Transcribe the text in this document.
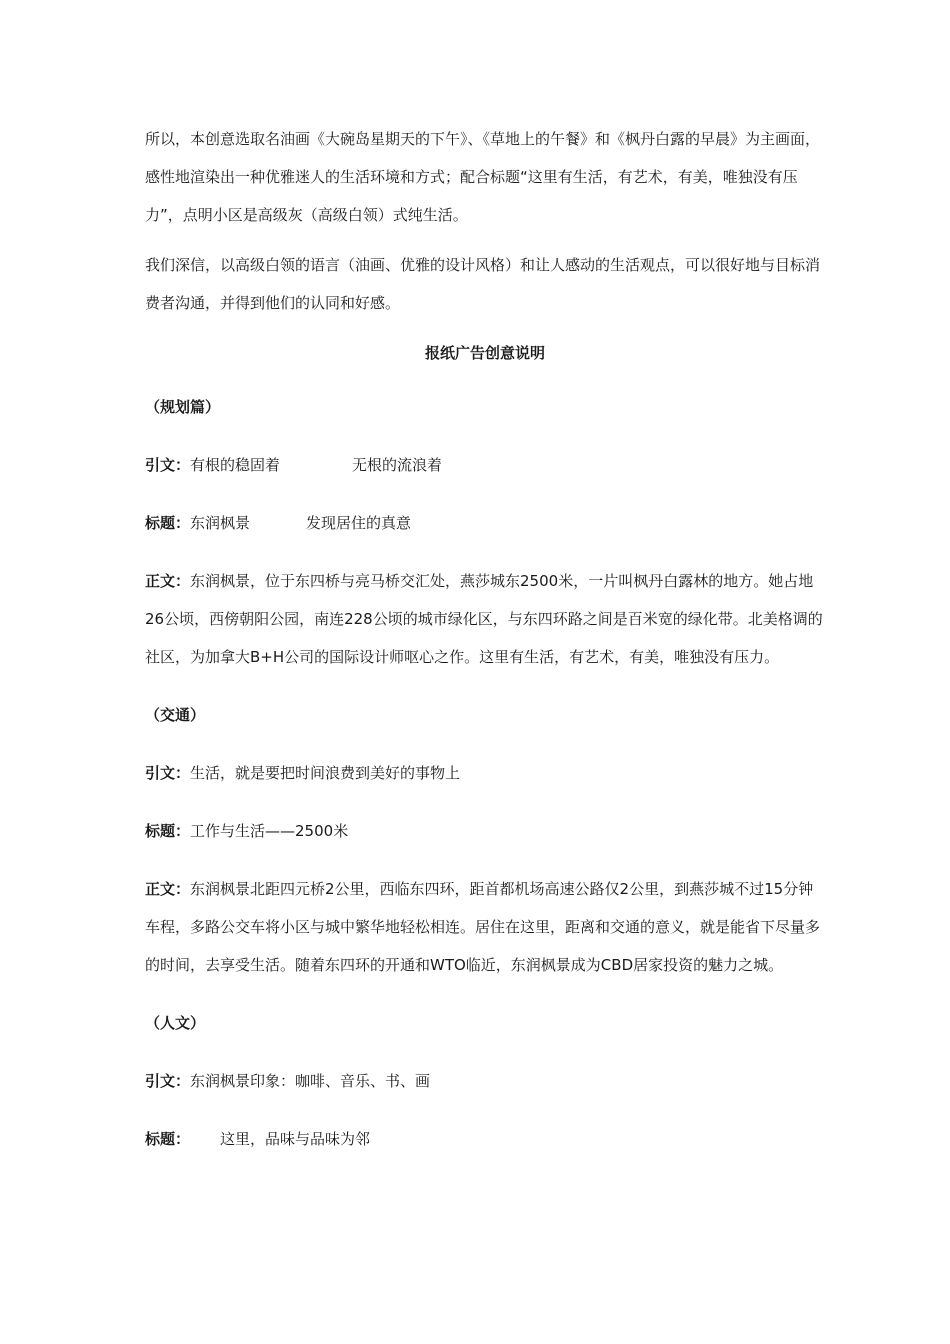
所以，本创意选取名油画《大碗岛星期天的下午》、《草地上的午餐》和《枫丹白露的早晨》为主画面，感性地渲染出一种优雅迷人的生活环境和方式；配合标题“这里有生活，有艺术，有美，唯独没有压力”，点明小区是高级灰（高级白领）式纯生活。

我们深信，以高级白领的语言（油画、优雅的设计风格）和让人感动的生活观点，可以很好地与目标消费者沟通，并得到他们的认同和好感。

报纸广告创意说明

（规划篇）

引文：有根的稳固着	无根的流浪着

标题：东润枫景	发现居住的真意

正文：东润枫景，位于东四桥与亮马桥交汇处，燕莎城东2500米，一片叫枫丹白露林的地方。她占地26公顷，西傍朝阳公园，南连228公顷的城市绿化区，与东四环路之间是百米宽的绿化带。北美格调的社区，为加拿大B+H公司的国际设计师呕心之作。这里有生活，有艺术，有美，唯独没有压力。

（交通）

引文：生活，就是要把时间浪费到美好的事物上

标题：工作与生活——2500米

正文：东润枫景北距四元桥2公里，西临东四环，距首都机场高速公路仅2公里，到燕莎城不过15分钟车程，多路公交车将小区与城中繁华地轻松相连。居住在这里，距离和交通的意义，就是能省下尽量多的时间，去享受生活。随着东四环的开通和WTO临近，东润枫景成为CBD居家投资的魅力之城。

（人文）

引文：东润枫景印象：咖啡、音乐、书、画

标题： 这里，品味与品味为邻
